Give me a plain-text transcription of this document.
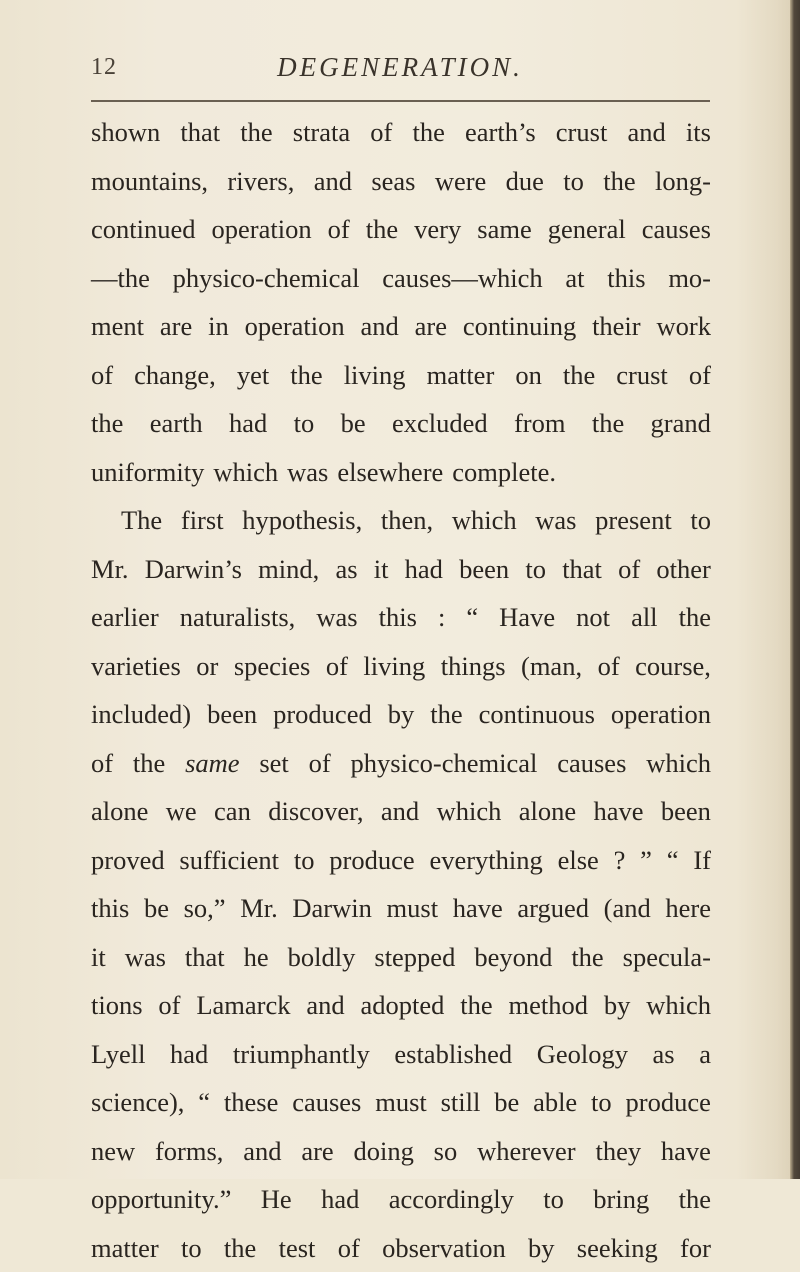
12	DEGENERATION.
shown that the strata of the earth’s crust and its
mountains, rivers, and seas were due to the long-
continued operation of the very same general causes
—the physico-chemical causes—which at this mo-
ment are in operation and are continuing their work
of change, yet the living matter on the crust of
the earth had to be excluded from the grand
uniformity which was elsewhere complete.
The first hypothesis, then, which was present to
Mr. Darwin’s mind, as it had been to that of other
earlier naturalists, was this : “ Have not all the
varieties or species of living things (man, of course,
included) been produced by the continuous operation
of the same set of physico-chemical causes which
alone we can discover, and which alone have been
proved sufficient to produce everything else ? ” “ If
this be so,” Mr. Darwin must have argued (and here
it was that he boldly stepped beyond the specula-
tions of Lamarck and adopted the method by which
Lyell had triumphantly established Geology as a
science), “ these causes must still be able to produce
new forms, and are doing so wherever they have
opportunity.” He had accordingly to bring the
matter to the test of observation by seeking for
